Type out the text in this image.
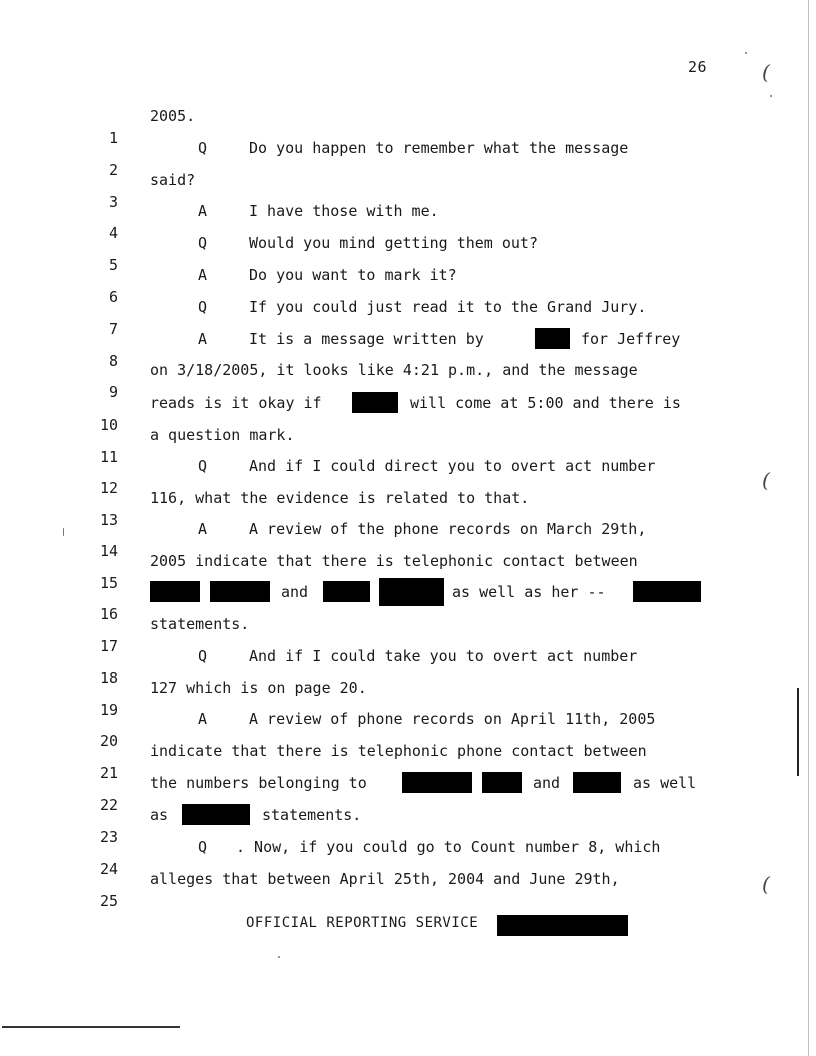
(
(
(
26

1

2005.

2

Q

	Do you happen to remember what the message

3

said?

4

A

	I have those with me.

5

Q

	Would you mind getting them out?

6

A

	Do you want to mark it?

7

Q

	If you could just read it to the Grand Jury.

8

A

	It is a message written by

	for Jeffrey

9

on 3/18/2005, it looks like 4:21 p.m., and the message

10

reads is it okay if

	will come at 5:00 and there is

11

a question mark.

12

Q

	And if I could direct you to overt act number

13

116, what the evidence is related to that.

14

A

	A review of the phone records on March 29th,

15

2005 indicate that there is telephonic contact between

16

and

	as well as her --

17

statements.

18

Q

	And if I could take you to overt act number

19

127 which is on page 20.

20

A

	A review of phone records on April 11th, 2005

21

indicate that there is telephonic phone contact between

22

the numbers belonging to

	and

	as well

23

as

	statements.

24

Q

. Now, if you could go to Count number 8, which

25

alleges that between April 25th, 2004 and June 29th,

OFFICIAL REPORTING SERVICE
